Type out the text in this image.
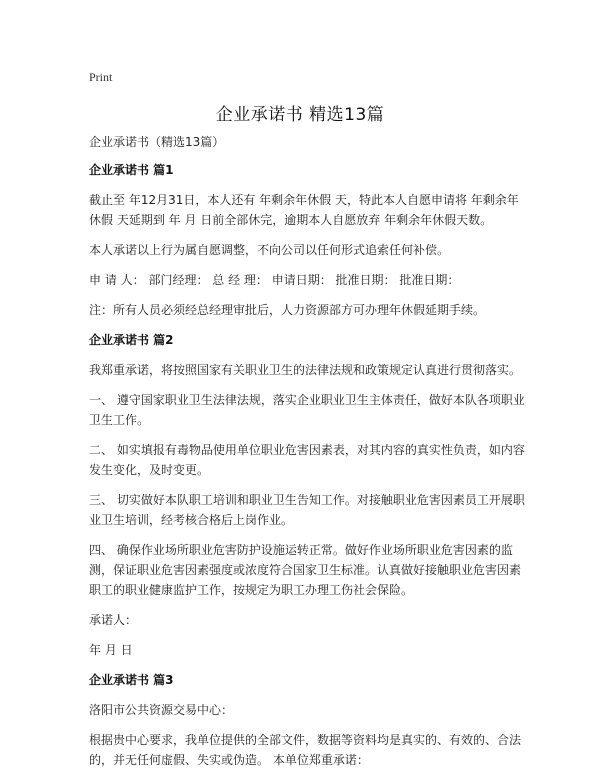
Print
企业承诺书 精选13篇

企业承诺书（精选13篇）

企业承诺书 篇1

截止至 年12月31日，本人还有 年剩余年休假 天，特此本人自愿申请将 年剩余年休假 天延期到 年 月 日前全部休完，逾期本人自愿放弃 年剩余年休假天数。

本人承诺以上行为属自愿调整，不向公司以任何形式追索任何补偿。

申 请 人： 部门经理： 总 经 理： 申请日期： 批准日期： 批准日期：

注：所有人员必须经总经理审批后，人力资源部方可办理年休假延期手续。

企业承诺书 篇2

我郑重承诺，将按照国家有关职业卫生的法律法规和政策规定认真进行贯彻落实。

一、 遵守国家职业卫生法律法规，落实企业职业卫生主体责任，做好本队各项职业卫生工作。

二、 如实填报有毒物品使用单位职业危害因素表，对其内容的真实性负责，如内容发生变化，及时变更。

三、 切实做好本队职工培训和职业卫生告知工作。对接触职业危害因素员工开展职业卫生培训，经考核合格后上岗作业。

四、 确保作业场所职业危害防护设施运转正常。做好作业场所职业危害因素的监测，保证职业危害因素强度或浓度符合国家卫生标准。认真做好接触职业危害因素职工的职业健康监护工作，按规定为职工办理工伤社会保险。

承诺人：

年 月 日

企业承诺书 篇3

洛阳市公共资源交易中心：

根据贵中心要求，我单位提供的全部文件，数据等资料均是真实的、有效的、合法的，并无任何虚假、失实或伪造。 本单位郑重承诺：
